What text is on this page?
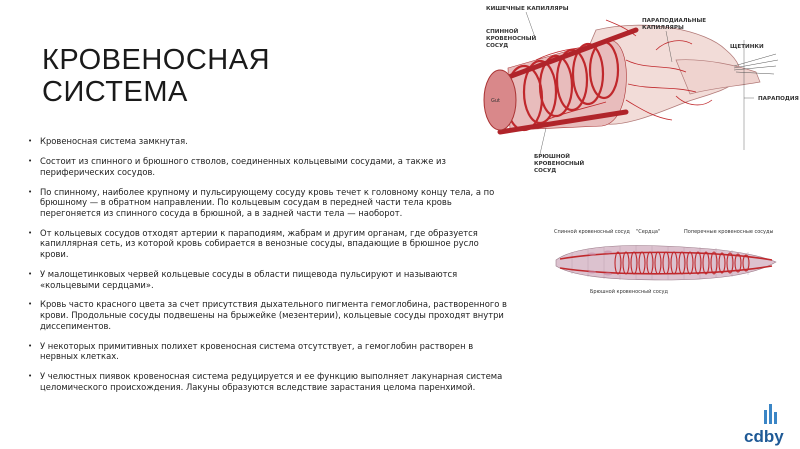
КРОВЕНОСНАЯ
СИСТЕМА
• Кровеносная система замкнутая.
• Состоит из спинного и брюшного стволов, соединенных кольцевыми сосудами, а также из периферических сосудов.
• По спинному, наиболее крупному и пульсирующему сосуду кровь течет к головному концу тела, а по брюшному — в обратном направлении. По кольцевым сосудам в передней части тела кровь перегоняется из спинного сосуда в брюшной, а в задней части тела — наоборот.
• От кольцевых сосудов отходят артерии к параподиям, жабрам и другим органам, где образуется капиллярная сеть, из которой кровь собирается в венозные сосуды, впадающие в брюшное русло крови.
• У малощетинковых червей кольцевые сосуды в области пищевода пульсируют и называются «кольцевыми сердцами».
• Кровь часто красного цвета за счет присутствия дыхательного пигмента гемоглобина, растворенного в крови. Продольные сосуды подвешены на брыжейке (мезентерии), кольцевые сосуды проходят внутри диссепиментов.
• У некоторых примитивных полихет кровеносная система отсутствует, а гемоглобин растворен в нервных клетках.
• У челюстных пиявок кровеносная система редуцируется и ее функцию выполняет лакунарная система целомического происхождения. Лакуны образуются вследствие зарастания целома паренхимой.
Gut
КИШЕЧНЫЕ КАПИЛЛЯРЫ
СПИННОЙ
КРОВЕНОСНЫЙ
СОСУД
ПАРАПОДИАЛЬНЫЕ
КАПИЛЛЯРЫ
ЩЕТИНКИ
ПАРАПОДИЯ
БРЮШНОЙ
КРОВЕНОСНЫЙ
СОСУД
Спинной кровеносный сосуд "Сердца"	Поперечные кровеносные сосуды
Брюшной кровеносный сосуд
cdby
